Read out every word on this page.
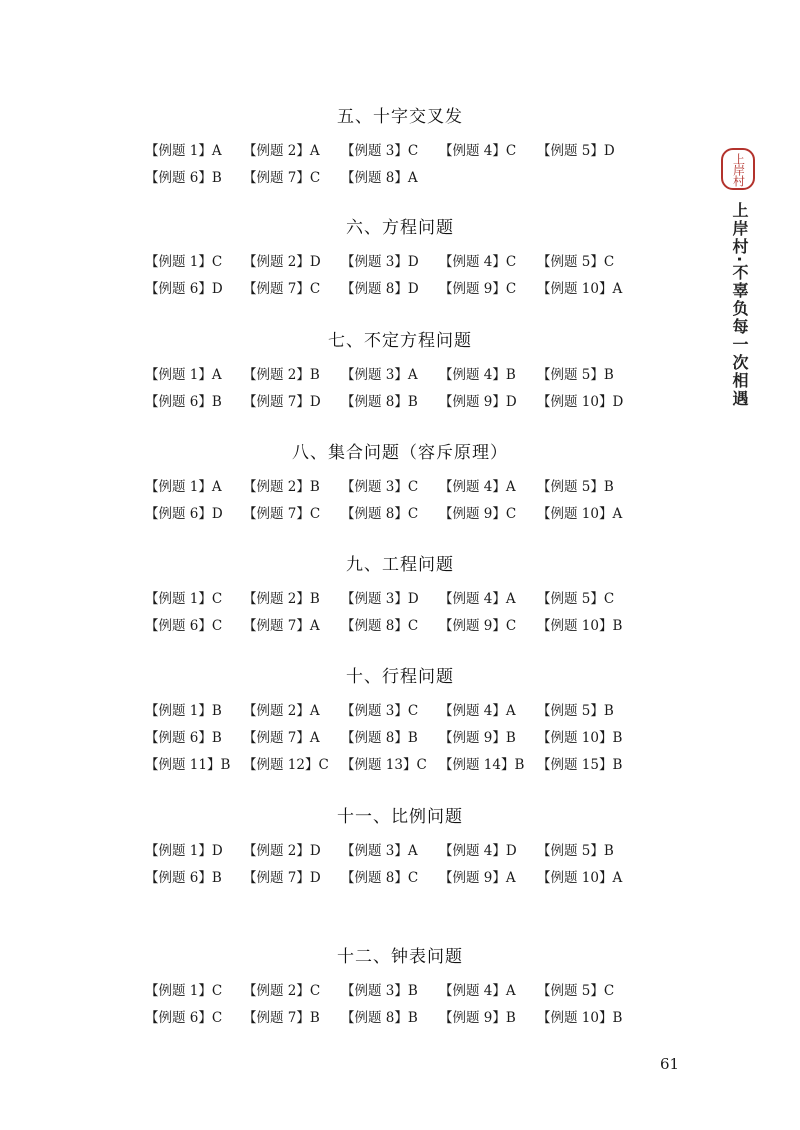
五、十字交叉发
【例题 1】A 【例题 2】A 【例题 3】C 【例题 4】C 【例题 5】D
【例题 6】B 【例题 7】C 【例题 8】A
六、方程问题
【例题 1】C 【例题 2】D 【例题 3】D 【例题 4】C 【例题 5】C
【例题 6】D 【例题 7】C 【例题 8】D 【例题 9】C 【例题 10】A
七、不定方程问题
【例题 1】A 【例题 2】B 【例题 3】A 【例题 4】B 【例题 5】B
【例题 6】B 【例题 7】D 【例题 8】B 【例题 9】D 【例题 10】D
八、集合问题（容斥原理）
【例题 1】A 【例题 2】B 【例题 3】C 【例题 4】A 【例题 5】B
【例题 6】D 【例题 7】C 【例题 8】C 【例题 9】C 【例题 10】A
九、工程问题
【例题 1】C 【例题 2】B 【例题 3】D 【例题 4】A 【例题 5】C
【例题 6】C 【例题 7】A 【例题 8】C 【例题 9】C 【例题 10】B
十、行程问题
【例题 1】B 【例题 2】A 【例题 3】C 【例题 4】A 【例题 5】B
【例题 6】B 【例题 7】A 【例题 8】B 【例题 9】B 【例题 10】B
【例题 11】B 【例题 12】C 【例题 13】C 【例题 14】B 【例题 15】B
十一、比例问题
【例题 1】D 【例题 2】D 【例题 3】A 【例题 4】D 【例题 5】B
【例题 6】B 【例题 7】D 【例题 8】C 【例题 9】A 【例题 10】A
十二、钟表问题
【例题 1】C 【例题 2】C 【例题 3】B 【例题 4】A 【例题 5】C
【例题 6】C 【例题 7】B 【例题 8】B 【例题 9】B 【例题 10】B
上岸村
上岸村·不辜负每一次相遇
61
